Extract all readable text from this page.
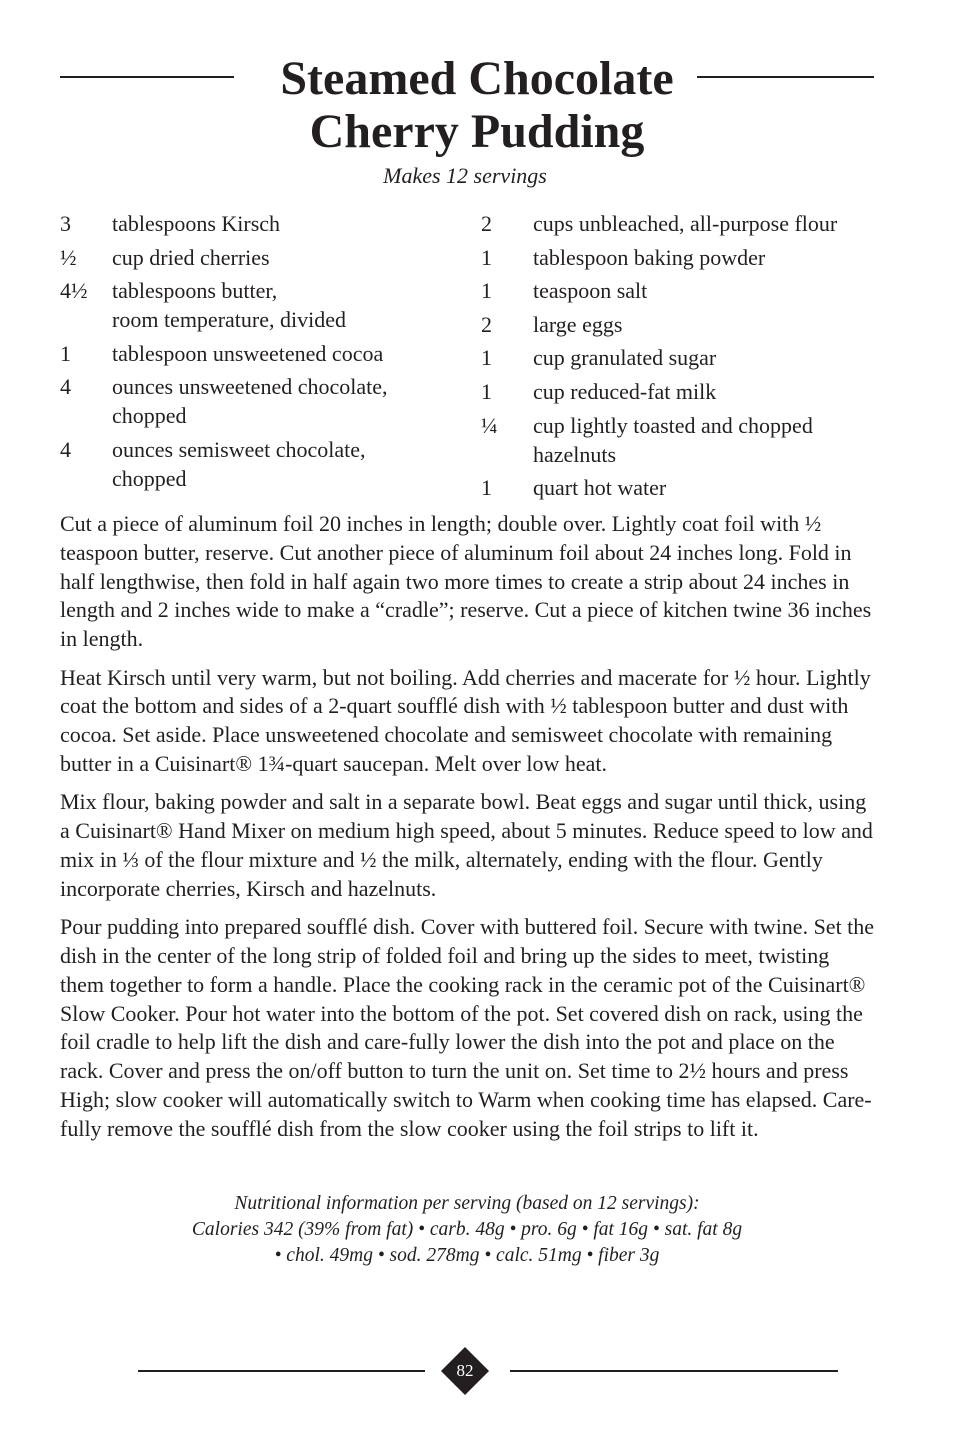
Steamed Chocolate
Cherry Pudding
Makes 12 servings
3	tablespoons Kirsch
½	cup dried cherries
4½	tablespoons butter,
room temperature, divided
1	tablespoon unsweetened cocoa
4	ounces unsweetened chocolate,
chopped
4	ounces semisweet chocolate,
chopped
2	cups unbleached, all-purpose flour
1	tablespoon baking powder
1	teaspoon salt
2	large eggs
1	cup granulated sugar
1	cup reduced-fat milk
¼	cup lightly toasted and chopped
hazelnuts
1	quart hot water

Cut a piece of aluminum foil 20 inches in length; double over. Lightly coat foil with ½ teaspoon butter, reserve. Cut another piece of aluminum foil about 24 inches long. Fold in half lengthwise, then fold in half again two more times to create a strip about 24 inches in length and 2 inches wide to make a “cradle”; reserve. Cut a piece of kitchen twine 36 inches in length.

Heat Kirsch until very warm, but not boiling. Add cherries and macerate for ½ hour. Lightly coat the bottom and sides of a 2-quart soufflé dish with ½ tablespoon butter and dust with cocoa. Set aside. Place unsweetened chocolate and semisweet chocolate with remaining butter in a Cuisinart® 1¾-quart saucepan. Melt over low heat.

Mix flour, baking powder and salt in a separate bowl. Beat eggs and sugar until thick, using a Cuisinart® Hand Mixer on medium high speed, about 5 minutes. Reduce speed to low and mix in ⅓ of the flour mixture and ½ the milk, alternately, ending with the flour. Gently incorporate cherries, Kirsch and hazelnuts.

Pour pudding into prepared soufflé dish. Cover with buttered foil. Secure with twine. Set the dish in the center of the long strip of folded foil and bring up the sides to meet, twisting them together to form a handle. Place the cooking rack in the ceramic pot of the Cuisinart® Slow Cooker. Pour hot water into the bottom of the pot. Set covered dish on rack, using the foil cradle to help lift the dish and care-fully lower the dish into the pot and place on the rack. Cover and press the on/off button to turn the unit on. Set time to 2½ hours and press High; slow cooker will automatically switch to Warm when cooking time has elapsed. Care-fully remove the soufflé dish from the slow cooker using the foil strips to lift it.

Nutritional information per serving (based on 12 servings):
Calories 342 (39% from fat) • carb. 48g • pro. 6g • fat 16g • sat. fat 8g
• chol. 49mg • sod. 278mg • calc. 51mg • fiber 3g
82
